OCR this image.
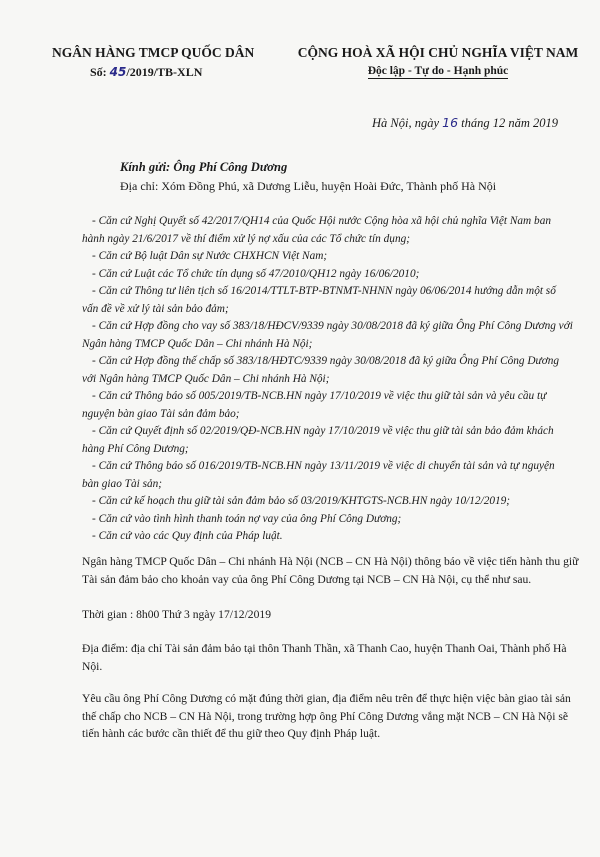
NGÂN HÀNG TMCP QUỐC DÂN
Số: 45/2019/TB-XLN
CỘNG HOÀ XÃ HỘI CHỦ NGHĨA VIỆT NAM
Độc lập - Tự do - Hạnh phúc
Hà Nội, ngày 16 tháng 12 năm 2019
Kính gửi: Ông Phí Công Dương
Địa chỉ: Xóm Đồng Phú, xã Dương Liễu, huyện Hoài Đức, Thành phố Hà Nội

- Căn cứ Nghị Quyết số 42/2017/QH14 của Quốc Hội nước Cộng hòa xã hội chủ nghĩa Việt Nam ban hành ngày 21/6/2017 về thí điểm xử lý nợ xấu của các Tổ chức tín dụng;

- Căn cứ Bộ luật Dân sự Nước CHXHCN Việt Nam;

- Căn cứ Luật các Tổ chức tín dụng số 47/2010/QH12 ngày 16/06/2010;

- Căn cứ Thông tư liên tịch số 16/2014/TTLT-BTP-BTNMT-NHNN ngày 06/06/2014 hướng dẫn một số vấn đề về xử lý tài sản bảo đảm;

- Căn cứ Hợp đồng cho vay số 383/18/HĐCV/9339 ngày 30/08/2018 đã ký giữa Ông Phí Công Dương với Ngân hàng TMCP Quốc Dân – Chi nhánh Hà Nội;

- Căn cứ Hợp đồng thế chấp số 383/18/HĐTC/9339 ngày 30/08/2018 đã ký giữa Ông Phí Công Dương với Ngân hàng TMCP Quốc Dân – Chi nhánh Hà Nội;

- Căn cứ Thông báo số 005/2019/TB-NCB.HN ngày 17/10/2019 về việc thu giữ tài sản và yêu cầu tự nguyện bàn giao Tài sản đảm bảo;

- Căn cứ Quyết định số 02/2019/QĐ-NCB.HN ngày 17/10/2019 về việc thu giữ tài sản bảo đảm khách hàng Phí Công Dương;

- Căn cứ Thông báo số 016/2019/TB-NCB.HN ngày 13/11/2019 về việc di chuyển tài sản và tự nguyện bàn giao Tài sản;

- Căn cứ kế hoạch thu giữ tài sản đảm bảo số 03/2019/KHTGTS-NCB.HN ngày 10/12/2019;

- Căn cứ vào tình hình thanh toán nợ vay của ông Phí Công Dương;

- Căn cứ vào các Quy định của Pháp luật.

Ngân hàng TMCP Quốc Dân – Chi nhánh Hà Nội (NCB – CN Hà Nội) thông báo về việc tiến hành thu giữ Tài sản đảm bảo cho khoản vay của ông Phí Công Dương tại NCB – CN Hà Nội, cụ thể như sau.
Thời gian : 8h00 Thứ 3 ngày 17/12/2019
Địa điểm: địa chỉ Tài sản đảm bảo tại thôn Thanh Thần, xã Thanh Cao, huyện Thanh Oai, Thành phố Hà Nội.
Yêu cầu ông Phí Công Dương có mặt đúng thời gian, địa điểm nêu trên để thực hiện việc bàn giao tài sản thế chấp cho NCB – CN Hà Nội, trong trường hợp ông Phí Công Dương vắng mặt NCB – CN Hà Nội sẽ tiến hành các bước cần thiết để thu giữ theo Quy định Pháp luật.
